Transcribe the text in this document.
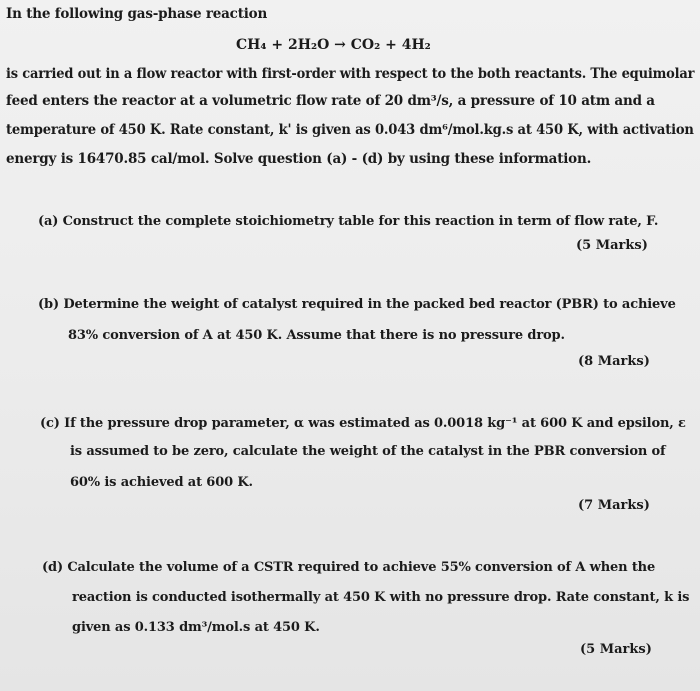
In the following gas-phase reaction
CH₄ + 2H₂O → CO₂ + 4H₂
is carried out in a flow reactor with first-order with respect to the both reactants. The equimolar
feed enters the reactor at a volumetric flow rate of 20 dm³/s, a pressure of 10 atm and a
temperature of 450 K. Rate constant, k' is given as 0.043 dm⁶/mol.kg.s at 450 K, with activation
energy is 16470.85 cal/mol. Solve question (a) - (d) by using these information.
(a) Construct the complete stoichiometry table for this reaction in term of flow rate, F.
(5 Marks)
(b) Determine the weight of catalyst required in the packed bed reactor (PBR) to achieve
83% conversion of A at 450 K. Assume that there is no pressure drop.
(8 Marks)
(c) If the pressure drop parameter, α was estimated as 0.0018 kg⁻¹ at 600 K and epsilon, ε
is assumed to be zero, calculate the weight of the catalyst in the PBR conversion of
60% is achieved at 600 K.
(7 Marks)
(d) Calculate the volume of a CSTR required to achieve 55% conversion of A when the
reaction is conducted isothermally at 450 K with no pressure drop. Rate constant, k is
given as 0.133 dm³/mol.s at 450 K.
(5 Marks)
